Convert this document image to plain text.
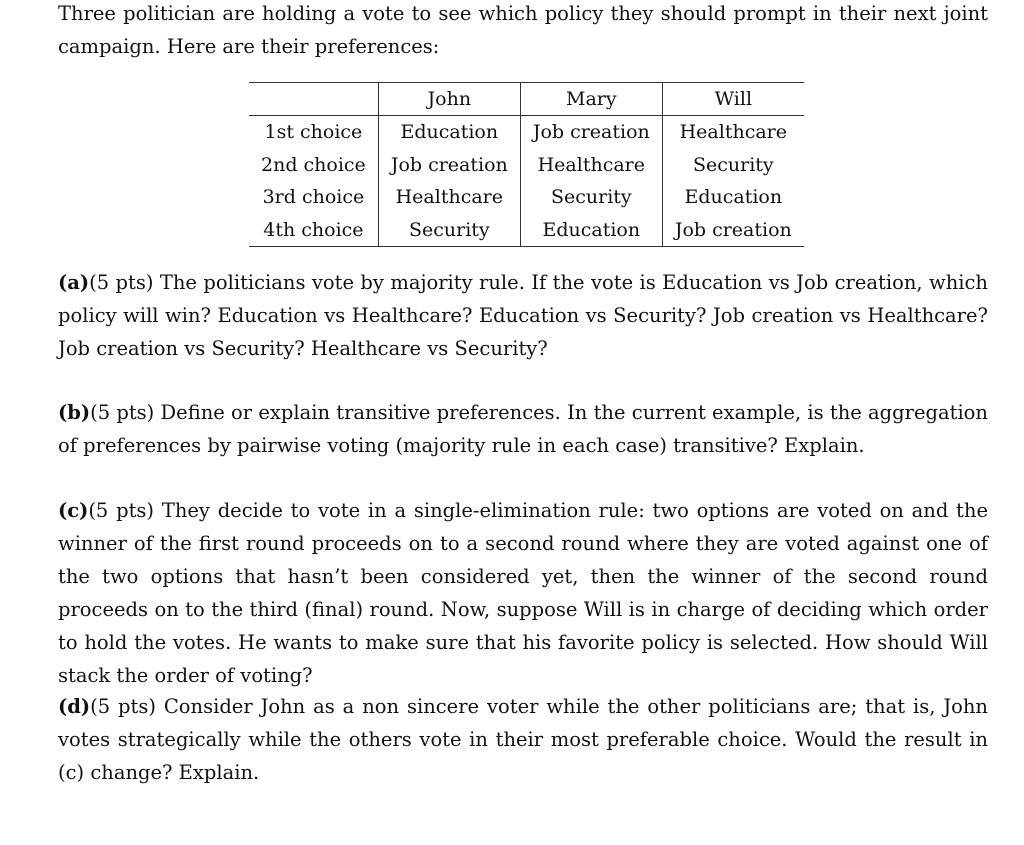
Three politician are holding a vote to see which policy they should prompt in their next joint campaign. Here are their preferences:

	John	Mary	Will
1st choice	Education	Job creation	Healthcare
2nd choice	Job creation	Healthcare	Security
3rd choice	Healthcare	Security	Education
4th choice	Security	Education	Job creation

(a)(5 pts) The politicians vote by majority rule. If the vote is Education vs Job creation, which policy will win? Education vs Healthcare? Education vs Security? Job creation vs Healthcare? Job creation vs Security? Healthcare vs Security?

(b)(5 pts) Define or explain transitive preferences. In the current example, is the aggregation of preferences by pairwise voting (majority rule in each case) transitive? Explain.

(c)(5 pts) They decide to vote in a single-elimination rule: two options are voted on and the winner of the first round proceeds on to a second round where they are voted against one of the two options that hasn’t been considered yet, then the winner of the second round proceeds on to the third (final) round. Now, suppose Will is in charge of deciding which order to hold the votes. He wants to make sure that his favorite policy is selected. How should Will stack the order of voting?

(d)(5 pts) Consider John as a non sincere voter while the other politicians are; that is, John votes strategically while the others vote in their most preferable choice. Would the result in (c) change? Explain.
